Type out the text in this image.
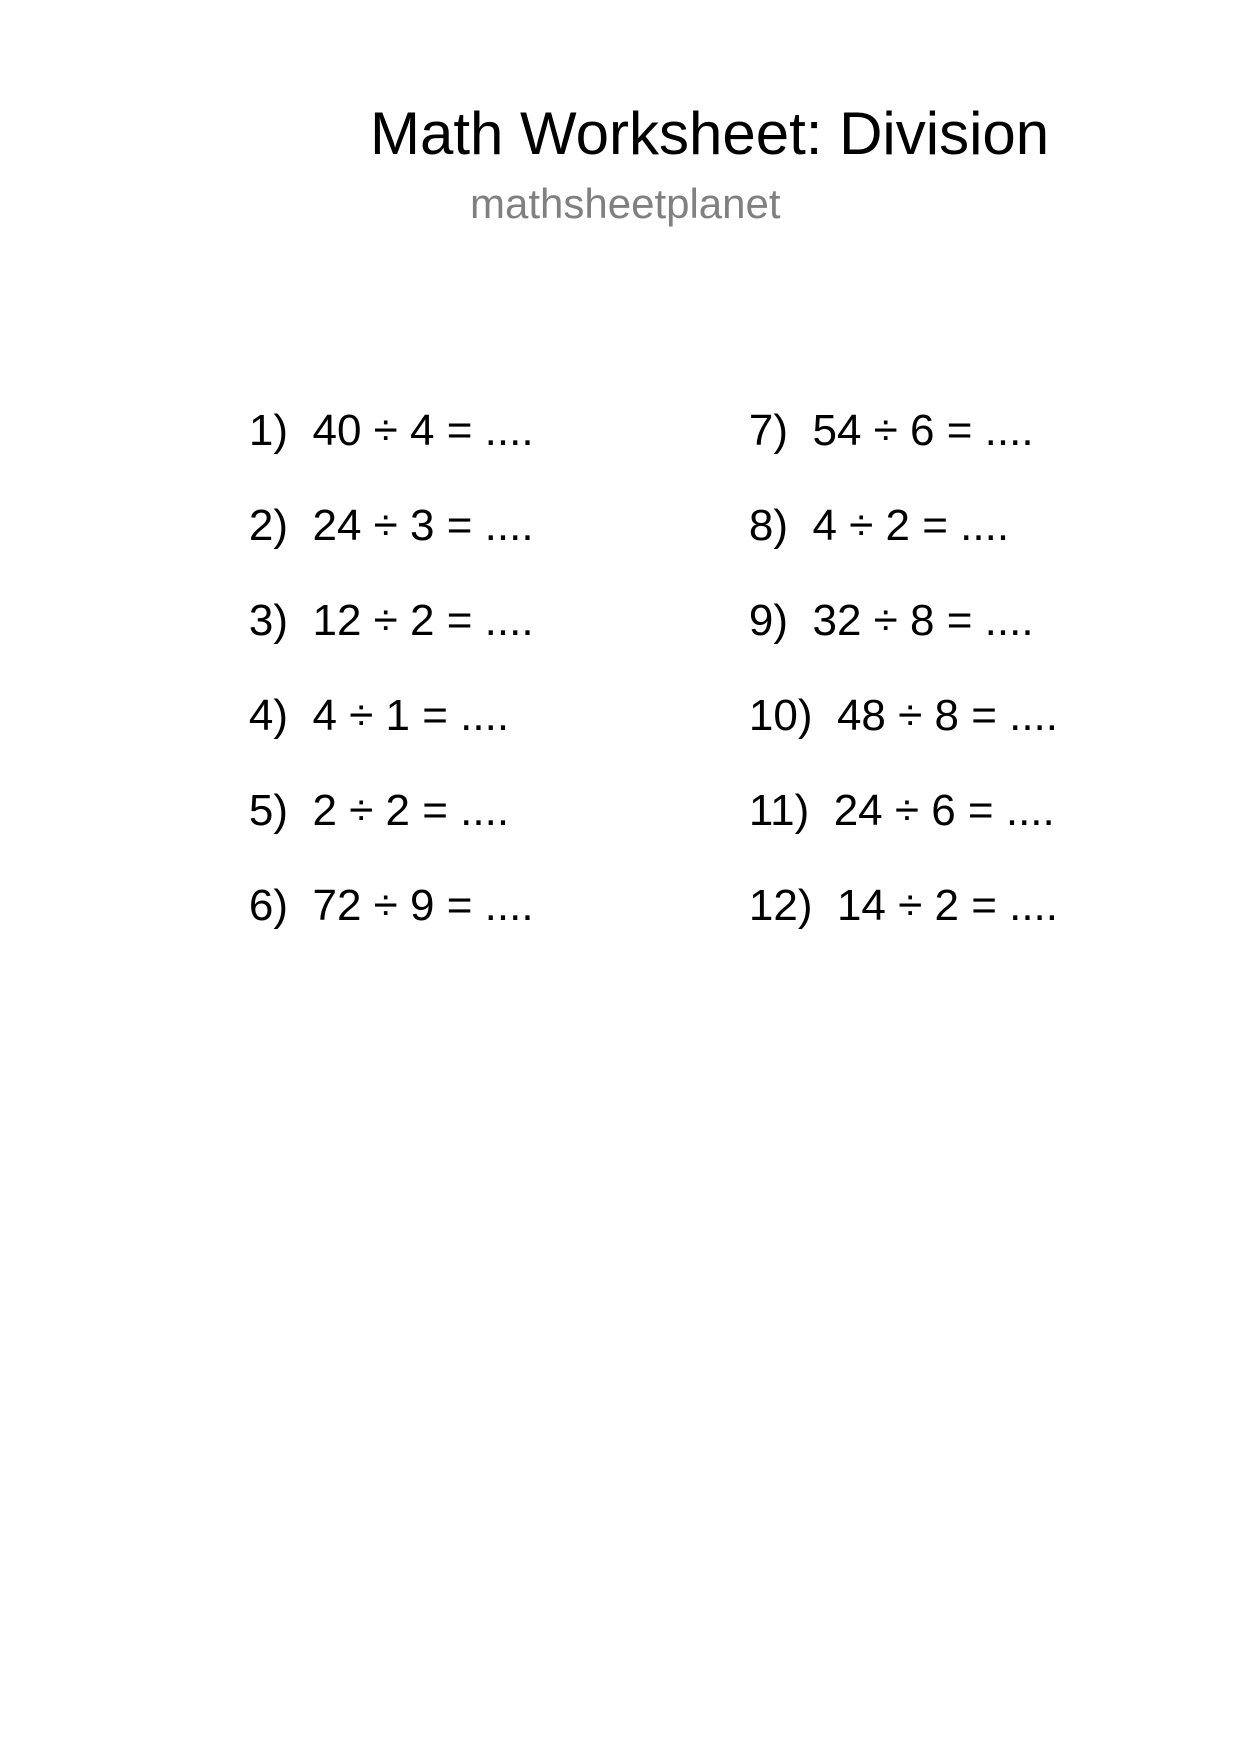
Math Worksheet: Division
mathsheetplanet

1) 40 ÷ 4 = ....

2) 24 ÷ 3 = ....

3) 12 ÷ 2 = ....

4) 4 ÷ 1 = ....

5) 2 ÷ 2 = ....

6) 72 ÷ 9 = ....

7) 54 ÷ 6 = ....

8) 4 ÷ 2 = ....

9) 32 ÷ 8 = ....

10) 48 ÷ 8 = ....

11) 24 ÷ 6 = ....

12) 14 ÷ 2 = ....
